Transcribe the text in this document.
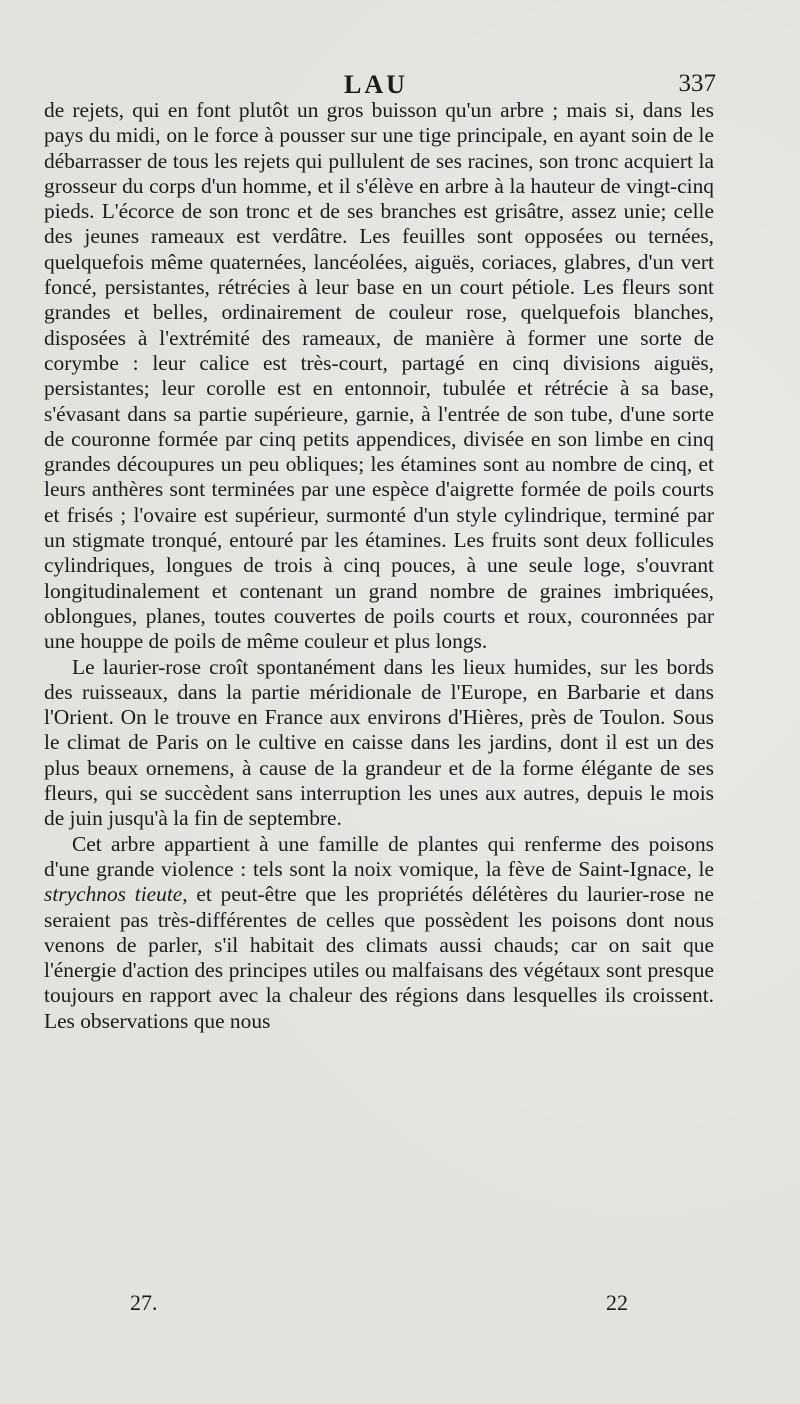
LAU	337

de rejets, qui en font plutôt un gros buisson qu'un arbre ; mais si, dans les pays du midi, on le force à pousser sur une tige principale, en ayant soin de le débarrasser de tous les rejets qui pullulent de ses racines, son tronc acquiert la grosseur du corps d'un homme, et il s'élève en arbre à la hauteur de vingt-cinq pieds. L'écorce de son tronc et de ses branches est grisâtre, assez unie; celle des jeunes rameaux est verdâtre. Les feuilles sont opposées ou ternées, quelquefois même quaternées, lancéolées, aiguës, coriaces, glabres, d'un vert foncé, persistantes, rétrécies à leur base en un court pétiole. Les fleurs sont grandes et belles, ordinairement de couleur rose, quelquefois blanches, disposées à l'extrémité des rameaux, de manière à former une sorte de corymbe : leur calice est très-court, partagé en cinq divisions aiguës, persistantes; leur corolle est en entonnoir, tubulée et rétrécie à sa base, s'évasant dans sa partie supérieure, garnie, à l'entrée de son tube, d'une sorte de couronne formée par cinq petits appendices, divisée en son limbe en cinq grandes découpures un peu obliques; les étamines sont au nombre de cinq, et leurs anthères sont terminées par une espèce d'aigrette formée de poils courts et frisés ; l'ovaire est supérieur, surmonté d'un style cylindrique, terminé par un stigmate tronqué, entouré par les étamines. Les fruits sont deux follicules cylindriques, longues de trois à cinq pouces, à une seule loge, s'ouvrant longitudinalement et contenant un grand nombre de graines imbriquées, oblongues, planes, toutes couvertes de poils courts et roux, couronnées par une houppe de poils de même couleur et plus longs.

Le laurier-rose croît spontanément dans les lieux humides, sur les bords des ruisseaux, dans la partie méridionale de l'Europe, en Barbarie et dans l'Orient. On le trouve en France aux environs d'Hières, près de Toulon. Sous le climat de Paris on le cultive en caisse dans les jardins, dont il est un des plus beaux ornemens, à cause de la grandeur et de la forme élégante de ses fleurs, qui se succèdent sans interruption les unes aux autres, depuis le mois de juin jusqu'à la fin de septembre.

Cet arbre appartient à une famille de plantes qui renferme des poisons d'une grande violence : tels sont la noix vomique, la fève de Saint-Ignace, le strychnos tieute, et peut-être que les propriétés délétères du laurier-rose ne seraient pas très-différentes de celles que possèdent les poisons dont nous venons de parler, s'il habitait des climats aussi chauds; car on sait que l'énergie d'action des principes utiles ou malfaisans des végétaux sont presque toujours en rapport avec la chaleur des régions dans lesquelles ils croissent. Les observations que nous

27.	22
